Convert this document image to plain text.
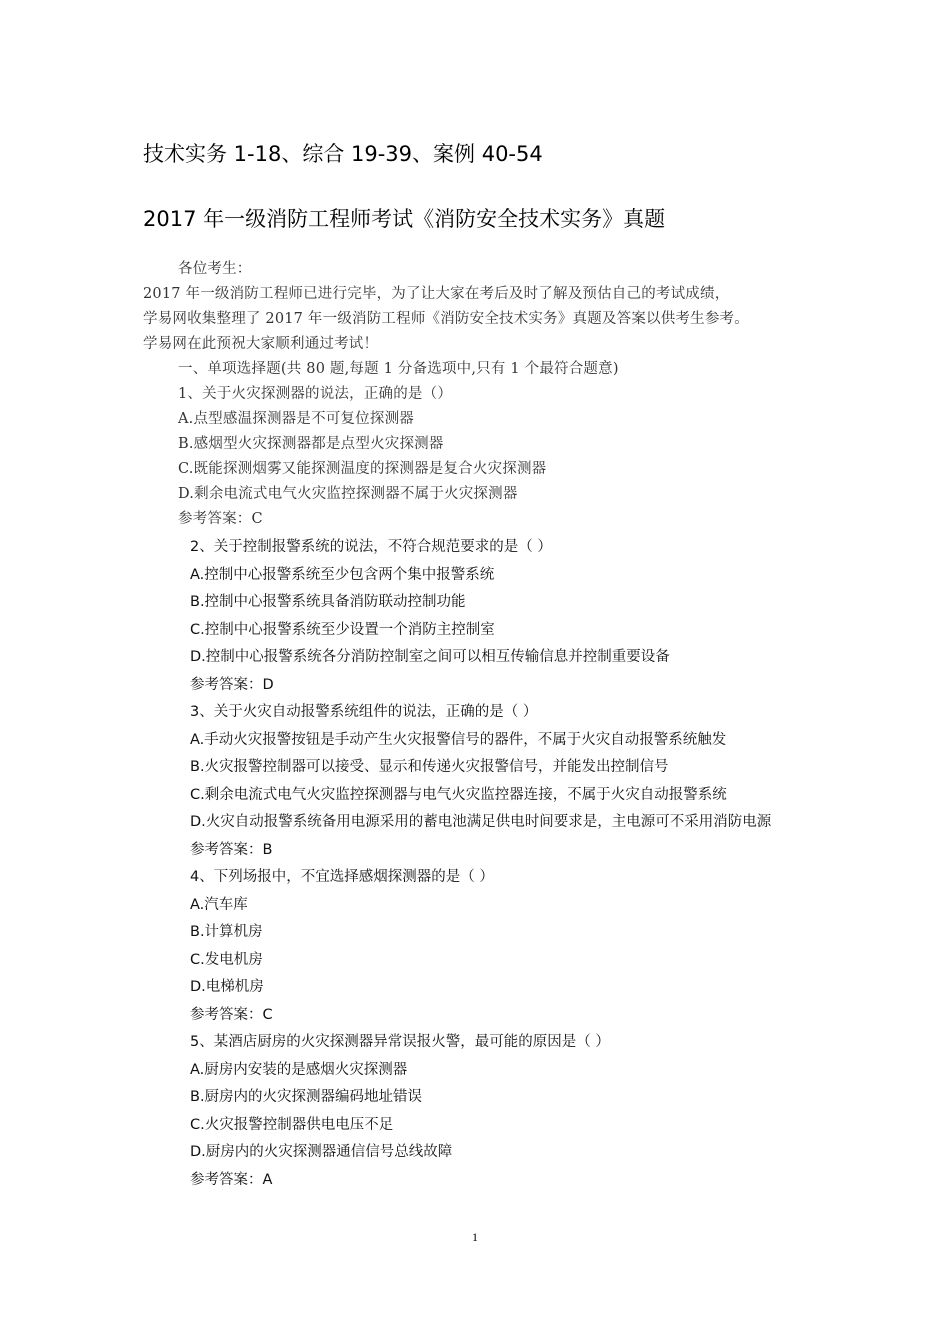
技术实务 1-18、综合 19-39、案例 40-54
2017 年一级消防工程师考试《消防安全技术实务》真题
各位考生：
2017 年一级消防工程师已进行完毕，为了让大家在考后及时了解及预估自己的考试成绩，
学易网收集整理了 2017 年一级消防工程师《消防安全技术实务》真题及答案以供考生参考。
学易网在此预祝大家顺利通过考试！
一、单项选择题(共 80 题,每题 1 分备选项中,只有 1 个最符合题意)
1、关于火灾探测器的说法，正确的是（）
A.点型感温探测器是不可复位探测器
B.感烟型火灾探测器都是点型火灾探测器
C.既能探测烟雾又能探测温度的探测器是复合火灾探测器
D.剩余电流式电气火灾监控探测器不属于火灾探测器
参考答案：C
2、关于控制报警系统的说法，不符合规范要求的是（ ）
A.控制中心报警系统至少包含两个集中报警系统
B.控制中心报警系统具备消防联动控制功能
C.控制中心报警系统至少设置一个消防主控制室
D.控制中心报警系统各分消防控制室之间可以相互传输信息并控制重要设备
参考答案：D
3、关于火灾自动报警系统组件的说法，正确的是（ ）
A.手动火灾报警按钮是手动产生火灾报警信号的器件，不属于火灾自动报警系统触发
B.火灾报警控制器可以接受、显示和传递火灾报警信号，并能发出控制信号
C.剩余电流式电气火灾监控探测器与电气火灾监控器连接，不属于火灾自动报警系统
D.火灾自动报警系统备用电源采用的蓄电池满足供电时间要求是，主电源可不采用消防电源
参考答案：B
4、下列场报中，不宜选择感烟探测器的是（ ）
A.汽车库
B.计算机房
C.发电机房
D.电梯机房
参考答案：C
5、某酒店厨房的火灾探测器异常误报火警，最可能的原因是（ ）
A.厨房内安装的是感烟火灾探测器
B.厨房内的火灾探测器编码地址错误
C.火灾报警控制器供电电压不足
D.厨房内的火灾探测器通信信号总线故障
参考答案：A
1
